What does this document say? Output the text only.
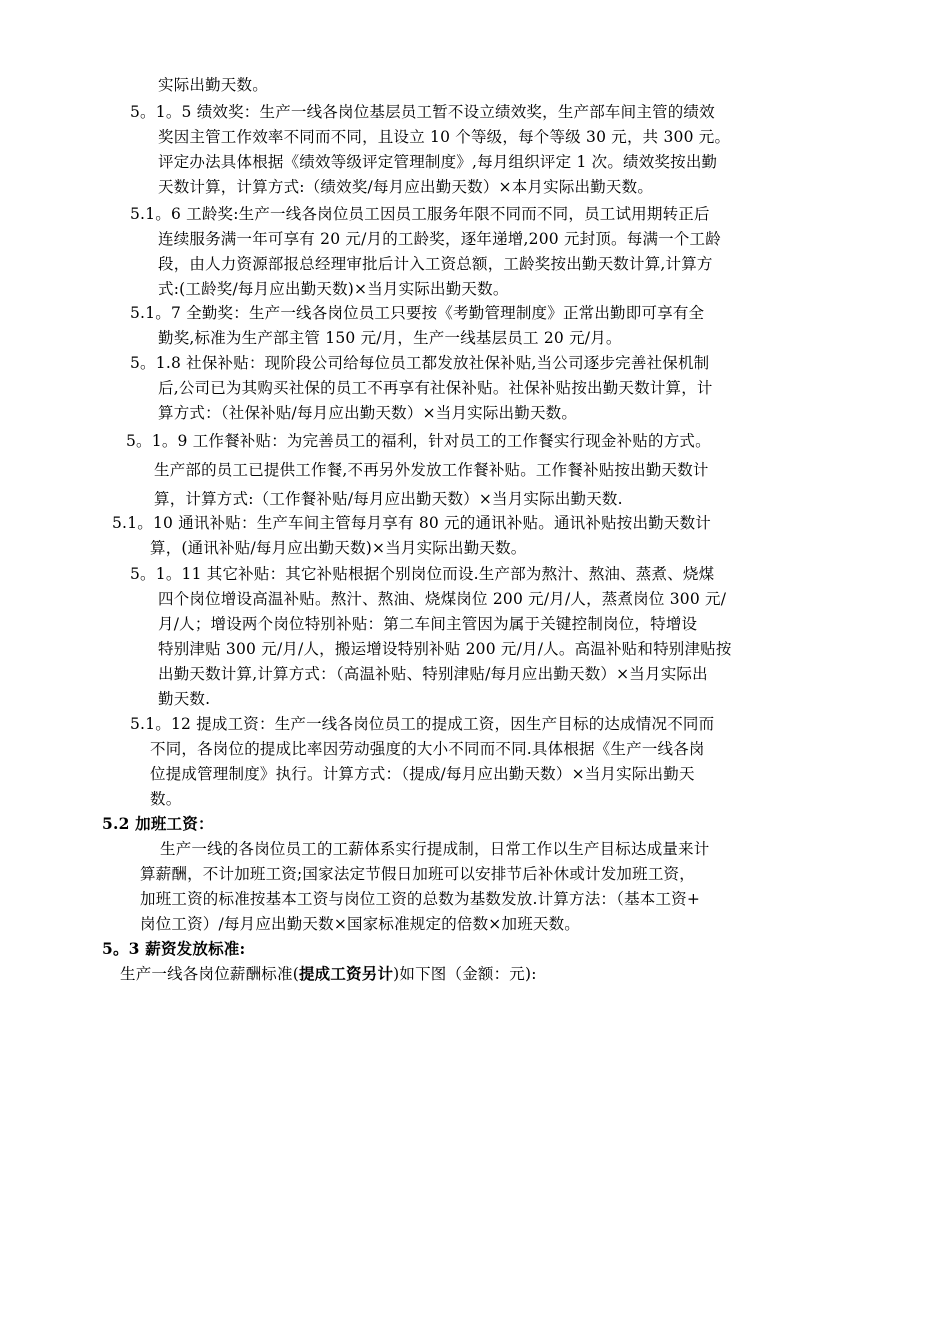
实际出勤天数。
5。1。5 绩效奖：生产一线各岗位基层员工暂不设立绩效奖，生产部车间主管的绩效
奖因主管工作效率不同而不同，且设立 10 个等级，每个等级 30 元，共 300 元。
评定办法具体根据《绩效等级评定管理制度》,每月组织评定 1 次。绩效奖按出勤
天数计算，计算方式:（绩效奖/每月应出勤天数）×本月实际出勤天数。
5.1。6 工龄奖:生产一线各岗位员工因员工服务年限不同而不同，员工试用期转正后
连续服务满一年可享有 20 元/月的工龄奖，逐年递增,200 元封顶。每满一个工龄
段，由人力资源部报总经理审批后计入工资总额，工龄奖按出勤天数计算,计算方
式:(工龄奖/每月应出勤天数)×当月实际出勤天数。
5.1。7 全勤奖：生产一线各岗位员工只要按《考勤管理制度》正常出勤即可享有全
勤奖,标准为生产部主管 150 元/月，生产一线基层员工 20 元/月。
5。1.8 社保补贴：现阶段公司给每位员工都发放社保补贴,当公司逐步完善社保机制
后,公司已为其购买社保的员工不再享有社保补贴。社保补贴按出勤天数计算，计
算方式：（社保补贴/每月应出勤天数）×当月实际出勤天数。
5。1。9 工作餐补贴：为完善员工的福利，针对员工的工作餐实行现金补贴的方式。
生产部的员工已提供工作餐,不再另外发放工作餐补贴。工作餐补贴按出勤天数计
算，计算方式:（工作餐补贴/每月应出勤天数）×当月实际出勤天数.
5.1。10 通讯补贴：生产车间主管每月享有 80 元的通讯补贴。通讯补贴按出勤天数计
算，(通讯补贴/每月应出勤天数)×当月实际出勤天数。
5。1。11 其它补贴：其它补贴根据个别岗位而设.生产部为熬汁、熬油、蒸煮、烧煤
四个岗位增设高温补贴。熬汁、熬油、烧煤岗位 200 元/月/人，蒸煮岗位 300 元/
月/人；增设两个岗位特别补贴：第二车间主管因为属于关键控制岗位，特增设
特别津贴 300 元/月/人，搬运增设特别补贴 200 元/月/人。高温补贴和特别津贴按
出勤天数计算,计算方式：（高温补贴、特别津贴/每月应出勤天数）×当月实际出
勤天数.
5.1。12 提成工资：生产一线各岗位员工的提成工资，因生产目标的达成情况不同而
不同，各岗位的提成比率因劳动强度的大小不同而不同.具体根据《生产一线各岗
位提成管理制度》执行。计算方式：（提成/每月应出勤天数）×当月实际出勤天
数。
5.2 加班工资：
生产一线的各岗位员工的工薪体系实行提成制，日常工作以生产目标达成量来计
算薪酬，不计加班工资;国家法定节假日加班可以安排节后补休或计发加班工资，
加班工资的标准按基本工资与岗位工资的总数为基数发放.计算方法：（基本工资+
岗位工资）/每月应出勤天数×国家标准规定的倍数×加班天数。
5。3 薪资发放标准:
生产一线各岗位薪酬标准(提成工资另计)如下图（金额：元):
